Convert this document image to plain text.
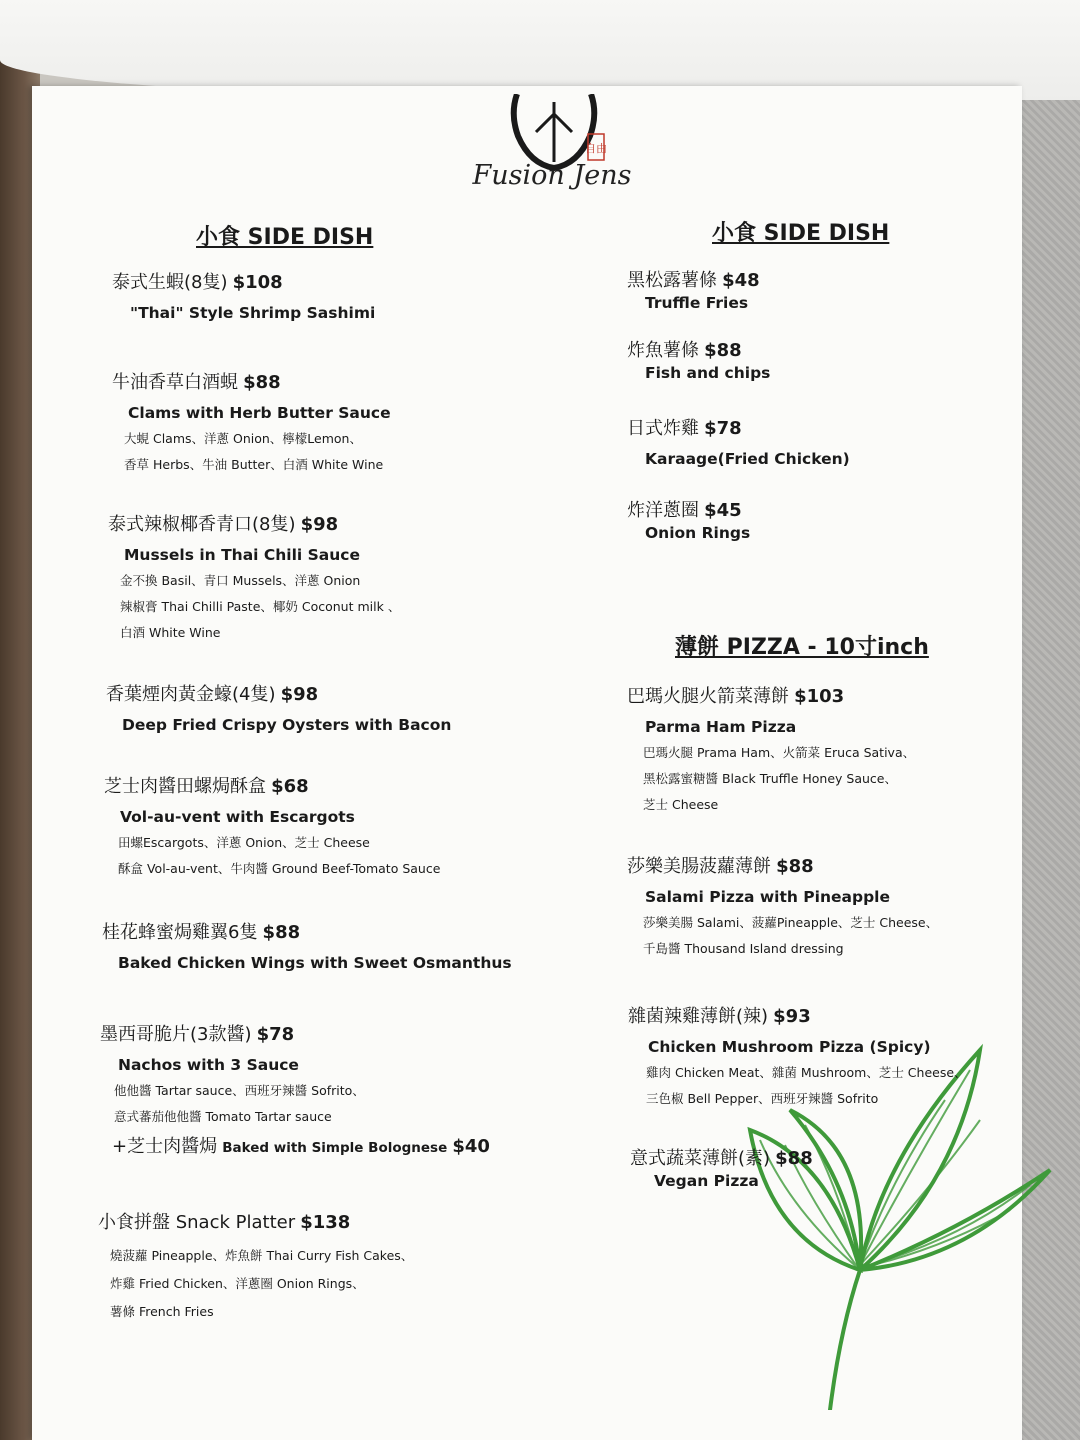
自由
Fusion Jens
小食 SIDE DISH
泰式生蝦(8隻) $108
"Thai" Style Shrimp Sashimi
牛油香草白酒蜆 $88
Clams with Herb Butter Sauce
大蜆 Clams、洋蔥 Onion、檸檬Lemon、
香草 Herbs、牛油 Butter、白酒 White Wine
泰式辣椒椰香青口(8隻) $98
Mussels in Thai Chili Sauce
金不換 Basil、青口 Mussels、洋蔥 Onion
辣椒膏 Thai Chilli Paste、椰奶 Coconut milk 、
白酒 White Wine
香葉煙肉黃金蠔(4隻) $98
Deep Fried Crispy Oysters with Bacon
芝士肉醬田螺焗酥盒 $68
Vol-au-vent with Escargots
田螺Escargots、洋蔥 Onion、芝士 Cheese
酥盒 Vol-au-vent、牛肉醬 Ground Beef-Tomato Sauce
桂花蜂蜜焗雞翼6隻 $88
Baked Chicken Wings with Sweet Osmanthus
墨西哥脆片(3款醬) $78
Nachos with 3 Sauce
他他醬 Tartar sauce、西班牙辣醬 Sofrito、
意式蕃茄他他醬 Tomato Tartar sauce
+芝士肉醬焗 Baked with Simple Bolognese $40
小食拼盤 Snack Platter $138
燒菠蘿 Pineapple、炸魚餅 Thai Curry Fish Cakes、
炸雞 Fried Chicken、洋蔥圈 Onion Rings、
薯條 French Fries
小食 SIDE DISH
黑松露薯條 $48
Truffle Fries
炸魚薯條 $88
Fish and chips
日式炸雞 $78
Karaage(Fried Chicken)
炸洋蔥圈 $45
Onion Rings
薄餅 PIZZA - 10寸inch
巴瑪火腿火箭菜薄餅 $103
Parma Ham Pizza
巴瑪火腿 Prama Ham、火箭菜 Eruca Sativa、
黑松露蜜糖醬 Black Truffle Honey Sauce、
芝士 Cheese
莎樂美腸菠蘿薄餅 $88
Salami Pizza with Pineapple
莎樂美腸 Salami、菠蘿Pineapple、芝士 Cheese、
千島醬 Thousand Island dressing
雜菌辣雞薄餅(辣) $93
Chicken Mushroom Pizza (Spicy)
雞肉 Chicken Meat、雜菌 Mushroom、芝士 Cheese、
三色椒 Bell Pepper、西班牙辣醬 Sofrito
意式蔬菜薄餅(素) $88
Vegan Pizza
